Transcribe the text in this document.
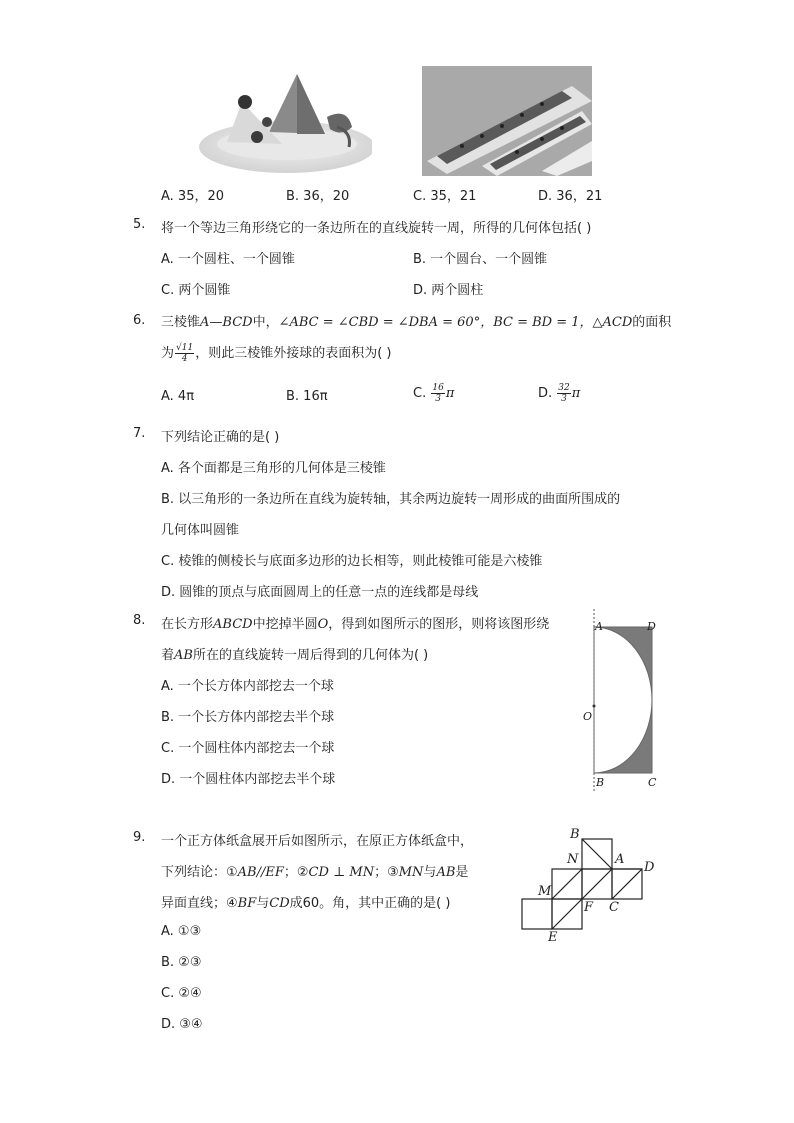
A. 35，20	B. 36，20	C. 35，21	D. 36，21
5. 将一个等边三角形绕它的一条边所在的直线旋转一周，所得的几何体包括( )
A. 一个圆柱、一个圆锥	B. 一个圆台、一个圆锥
C. 两个圆锥	D. 两个圆柱
6. 三棱锥A—BCD中，∠ABC = ∠CBD = ∠DBA = 60°，BC = BD = 1，△ACD的面积
为 $\frac{√11}{4}$ ，则此三棱锥外接球的表面积为( )
A. 4π	B. 16π	C. $\frac{16}{3}$ π	D. $\frac{32}{3}$ π
7. 下列结论正确的是( )
A. 各个面都是三角形的几何体是三棱锥
B. 以三角形的一条边所在直线为旋转轴，其余两边旋转一周形成的曲面所围成的
几何体叫圆锥
C. 棱锥的侧棱长与底面多边形的边长相等，则此棱锥可能是六棱锥
D. 圆锥的顶点与底面圆周上的任意一点的连线都是母线
8. 在长方形ABCD中挖掉半圆O，得到如图所示的图形，则将该图形绕
着AB所在的直线旋转一周后得到的几何体为( )
A. 一个长方体内部挖去一个球
B. 一个长方体内部挖去半个球
C. 一个圆柱体内部挖去一个球
D. 一个圆柱体内部挖去半个球
A	D
O
B	C
9. 一个正方体纸盒展开后如图所示，在原正方体纸盒中，
下列结论：①AB//EF；②CD ⊥ MN；③MN与AB是
异面直线；④BF与CD成60。角，其中正确的是( )
A. ①③
B. ②③
C. ②④
D. ③④
B
N	A
D
M
F C
E
